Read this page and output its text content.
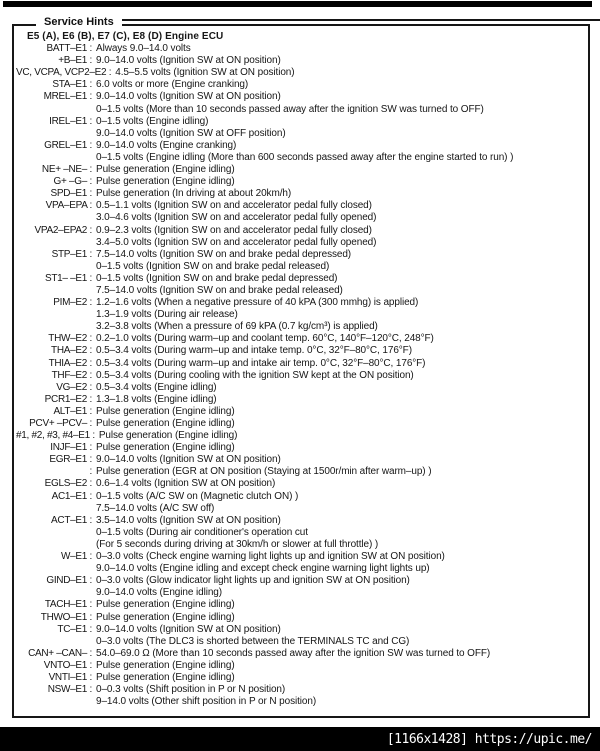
Service Hints
E5 (A), E6 (B), E7 (C), E8 (D) Engine ECU
BATT–E1 : Always 9.0–14.0 volts
+B–E1 : 9.0–14.0 volts (Ignition SW at ON position)
VC, VCPA, VCP2–E2 : 4.5–5.5 volts (Ignition SW at ON position)
STA–E1 : 6.0 volts or more (Engine cranking)
MREL–E1 : 9.0–14.0 volts (Ignition SW at ON position)
0–1.5 volts (More than 10 seconds passed away after the ignition SW was turned to OFF)
IREL–E1 : 0–1.5 volts (Engine idling)
9.0–14.0 volts (Ignition SW at OFF position)
GREL–E1 : 9.0–14.0 volts (Engine cranking)
0–1.5 volts (Engine idling (More than 600 seconds passed away after the engine started to run) )
NE+ –NE– : Pulse generation (Engine idling)
G+ –G– : Pulse generation (Engine idling)
SPD–E1 : Pulse generation (In driving at about 20km/h)
VPA–EPA : 0.5–1.1 volts (Ignition SW on and accelerator pedal fully closed)
3.0–4.6 volts (Ignition SW on and accelerator pedal fully opened)
VPA2–EPA2 : 0.9–2.3 volts (Ignition SW on and accelerator pedal fully closed)
3.4–5.0 volts (Ignition SW on and accelerator pedal fully opened)
STP–E1 : 7.5–14.0 volts (Ignition SW on and brake pedal depressed)
0–1.5 volts (Ignition SW on and brake pedal released)
ST1– –E1 : 0–1.5 volts (Ignition SW on and brake pedal depressed)
7.5–14.0 volts (Ignition SW on and brake pedal released)
PIM–E2 : 1.2–1.6 volts (When a negative pressure of 40 kPA (300 mmhg) is applied)
1.3–1.9 volts (During air release)
3.2–3.8 volts (When a pressure of 69 kPA (0.7 kg/cm³) is applied)
THW–E2 : 0.2–1.0 volts (During warm–up and coolant temp. 60°C, 140°F–120°C, 248°F)
THA–E2 : 0.5–3.4 volts (During warm–up and intake temp. 0°C, 32°F–80°C, 176°F)
THIA–E2 : 0.5–3.4 volts (During warm–up and intake air temp. 0°C, 32°F–80°C, 176°F)
THF–E2 : 0.5–3.4 volts (During cooling with the ignition SW kept at the ON position)
VG–E2 : 0.5–3.4 volts (Engine idling)
PCR1–E2 : 1.3–1.8 volts (Engine idling)
ALT–E1 : Pulse generation (Engine idling)
PCV+ –PCV– : Pulse generation (Engine idling)
#1, #2, #3, #4–E1 : Pulse generation (Engine idling)
INJF–E1 : Pulse generation (Engine idling)
EGR–E1 : 9.0–14.0 volts (Ignition SW at ON position)
: Pulse generation (EGR at ON position (Staying at 1500r/min after warm–up) )
EGLS–E2 : 0.6–1.4 volts (Ignition SW at ON position)
AC1–E1 : 0–1.5 volts (A/C SW on (Magnetic clutch ON) )
7.5–14.0 volts (A/C SW off)
ACT–E1 : 3.5–14.0 volts (Ignition SW at ON position)
0–1.5 volts (During air conditioner's operation cut
(For 5 seconds during driving at 30km/h or slower at full throttle) )
W–E1 : 0–3.0 volts (Check engine warning light lights up and ignition SW at ON position)
9.0–14.0 volts (Engine idling and except check engine warning light lights up)
GIND–E1 : 0–3.0 volts (Glow indicator light lights up and ignition SW at ON position)
9.0–14.0 volts (Engine idling)
TACH–E1 : Pulse generation (Engine idling)
THWO–E1 : Pulse generation (Engine idling)
TC–E1 : 9.0–14.0 volts (Ignition SW at ON position)
0–3.0 volts (The DLC3 is shorted between the TERMINALS TC and CG)
CAN+ –CAN– : 54.0–69.0 Ω (More than 10 seconds passed away after the ignition SW was turned to OFF)
VNTO–E1 : Pulse generation (Engine idling)
VNTI–E1 : Pulse generation (Engine idling)
NSW–E1 : 0–0.3 volts (Shift position in P or N position)
9–14.0 volts (Other shift position in P or N position)
[1166x1428] https://upic.me/
